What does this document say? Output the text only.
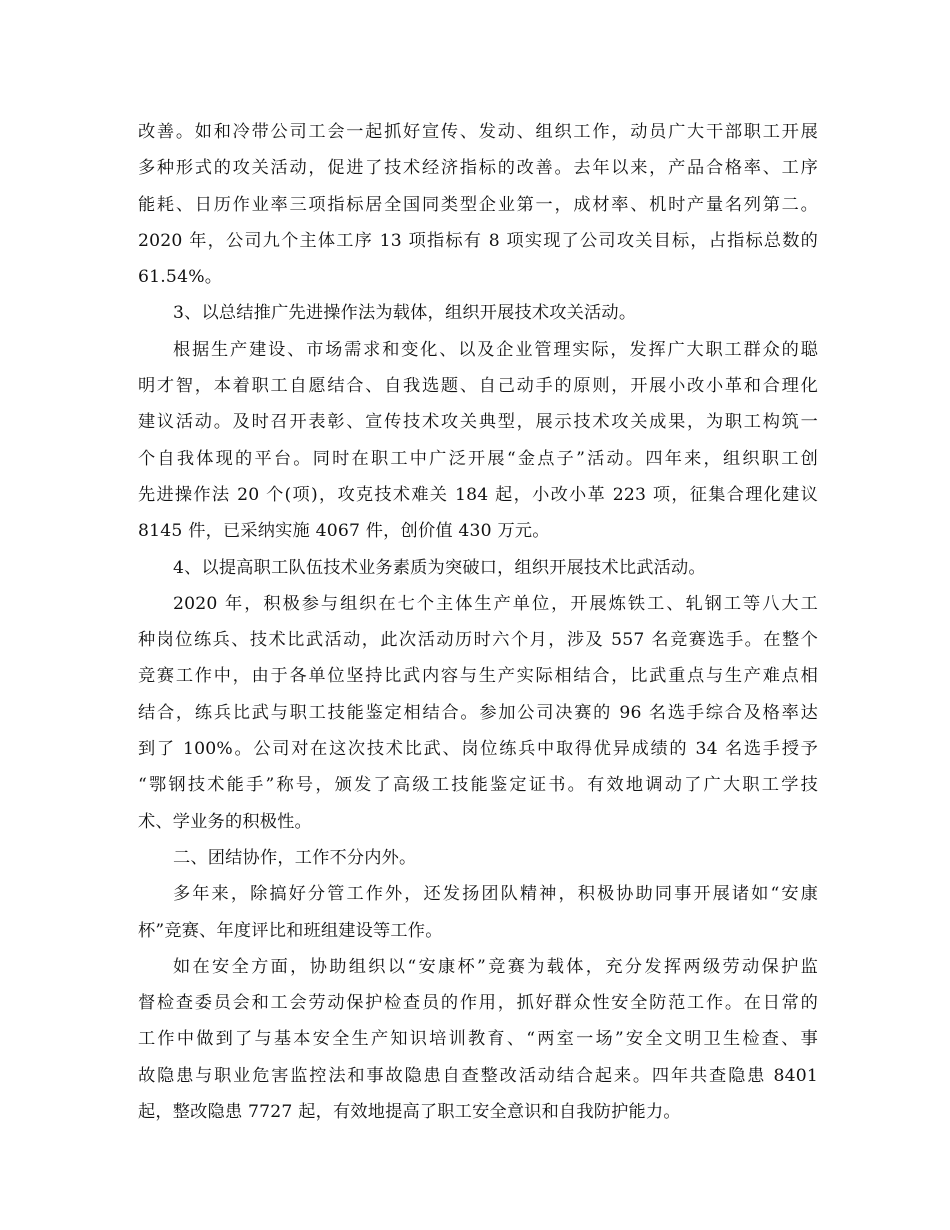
改善。如和冷带公司工会一起抓好宣传、发动、组织工作，动员广大干部职工开展
多种形式的攻关活动，促进了技术经济指标的改善。去年以来，产品合格率、工序
能耗、日历作业率三项指标居全国同类型企业第一，成材率、机时产量名列第二。
2020 年，公司九个主体工序 13 项指标有 8 项实现了公司攻关目标，占指标总数的
61.54%。
3、以总结推广先进操作法为载体，组织开展技术攻关活动。
根据生产建设、市场需求和变化、以及企业管理实际，发挥广大职工群众的聪
明才智，本着职工自愿结合、自我选题、自己动手的原则，开展小改小革和合理化
建议活动。及时召开表彰、宣传技术攻关典型，展示技术攻关成果，为职工构筑一
个自我体现的平台。同时在职工中广泛开展“金点子”活动。四年来，组织职工创
先进操作法 20 个(项)，攻克技术难关 184 起，小改小革 223 项，征集合理化建议
8145 件，已采纳实施 4067 件，创价值 430 万元。
4、以提高职工队伍技术业务素质为突破口，组织开展技术比武活动。
2020 年，积极参与组织在七个主体生产单位，开展炼铁工、轧钢工等八大工
种岗位练兵、技术比武活动，此次活动历时六个月，涉及 557 名竞赛选手。在整个
竞赛工作中，由于各单位坚持比武内容与生产实际相结合，比武重点与生产难点相
结合，练兵比武与职工技能鉴定相结合。参加公司决赛的 96 名选手综合及格率达
到了 100%。公司对在这次技术比武、岗位练兵中取得优异成绩的 34 名选手授予
“鄂钢技术能手”称号，颁发了高级工技能鉴定证书。有效地调动了广大职工学技
术、学业务的积极性。
二、团结协作，工作不分内外。
多年来，除搞好分管工作外，还发扬团队精神，积极协助同事开展诸如“安康
杯”竞赛、年度评比和班组建设等工作。
如在安全方面，协助组织以“安康杯”竞赛为载体，充分发挥两级劳动保护监
督检查委员会和工会劳动保护检查员的作用，抓好群众性安全防范工作。在日常的
工作中做到了与基本安全生产知识培训教育、“两室一场”安全文明卫生检查、事
故隐患与职业危害监控法和事故隐患自查整改活动结合起来。四年共查隐患 8401
起，整改隐患 7727 起，有效地提高了职工安全意识和自我防护能力。
